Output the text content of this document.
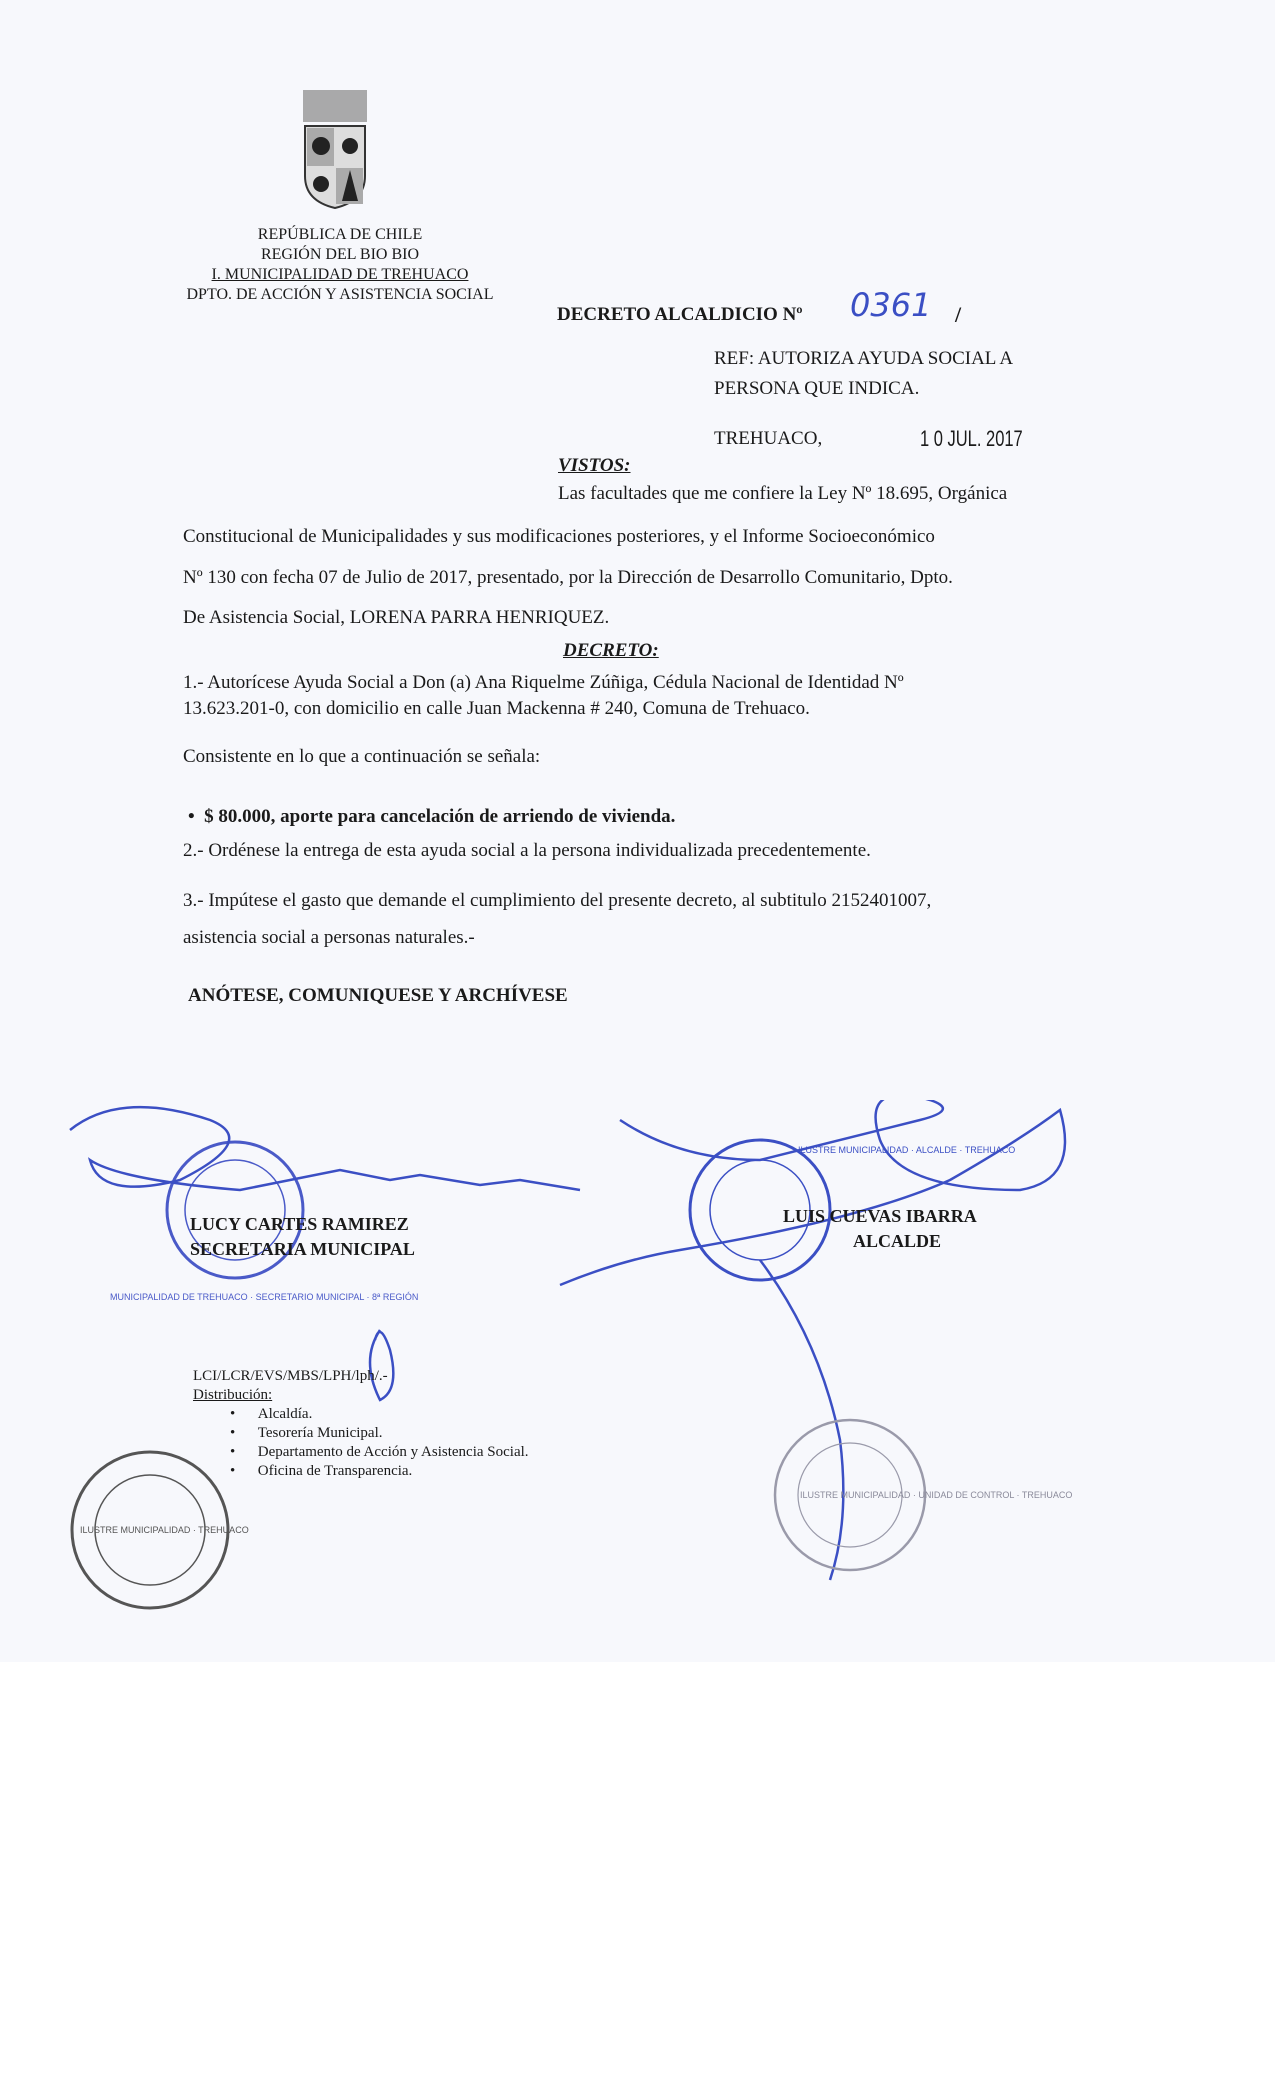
REPÚBLICA DE CHILE
REGIÓN DEL BIO BIO
I. MUNICIPALIDAD DE TREHUACO
DPTO. DE ACCIÓN Y ASISTENCIA SOCIAL
DECRETO ALCALDICIO Nº 0361 /
REF: AUTORIZA AYUDA SOCIAL A
PERSONA QUE INDICA.
TREHUACO,	1 0 JUL. 2017
VISTOS:
Las facultades que me confiere la Ley Nº 18.695, Orgánica
Constitucional de Municipalidades y sus modificaciones posteriores, y el Informe Socioeconómico
Nº 130 con fecha 07 de Julio de 2017, presentado, por la Dirección de Desarrollo Comunitario, Dpto.
De Asistencia Social, LORENA PARRA HENRIQUEZ.
DECRETO:
1.- Autorícese Ayuda Social a Don (a) Ana Riquelme Zúñiga, Cédula Nacional de Identidad Nº
13.623.201-0, con domicilio en calle Juan Mackenna # 240, Comuna de Trehuaco.
Consistente en lo que a continuación se señala:
•  $ 80.000, aporte para cancelación de arriendo de vivienda.
2.- Ordénese la entrega de esta ayuda social a la persona individualizada precedentemente.
3.- Impútese el gasto que demande el cumplimiento del presente decreto, al subtitulo 2152401007,
asistencia social a personas naturales.-
ANÓTESE, COMUNIQUESE Y ARCHÍVESE
ILUSTRE MUNICIPALIDAD · ALCALDE · TREHUACO
ILUSTRE MUNICIPALIDAD · UNIDAD DE CONTROL · TREHUACO
MUNICIPALIDAD DE TREHUACO · SECRETARIO MUNICIPAL · 8ª REGIÓN
ILUSTRE MUNICIPALIDAD · TREHUACO
LUCY CARTES RAMIREZ
SECRETARIA MUNICIPAL
LUIS CUEVAS IBARRA
ALCALDE
LCI/LCR/EVS/MBS/LPH/lph/.-
Distribución:
•      Alcaldía.
•      Tesorería Municipal.
•      Departamento de Acción y Asistencia Social.
•      Oficina de Transparencia.
